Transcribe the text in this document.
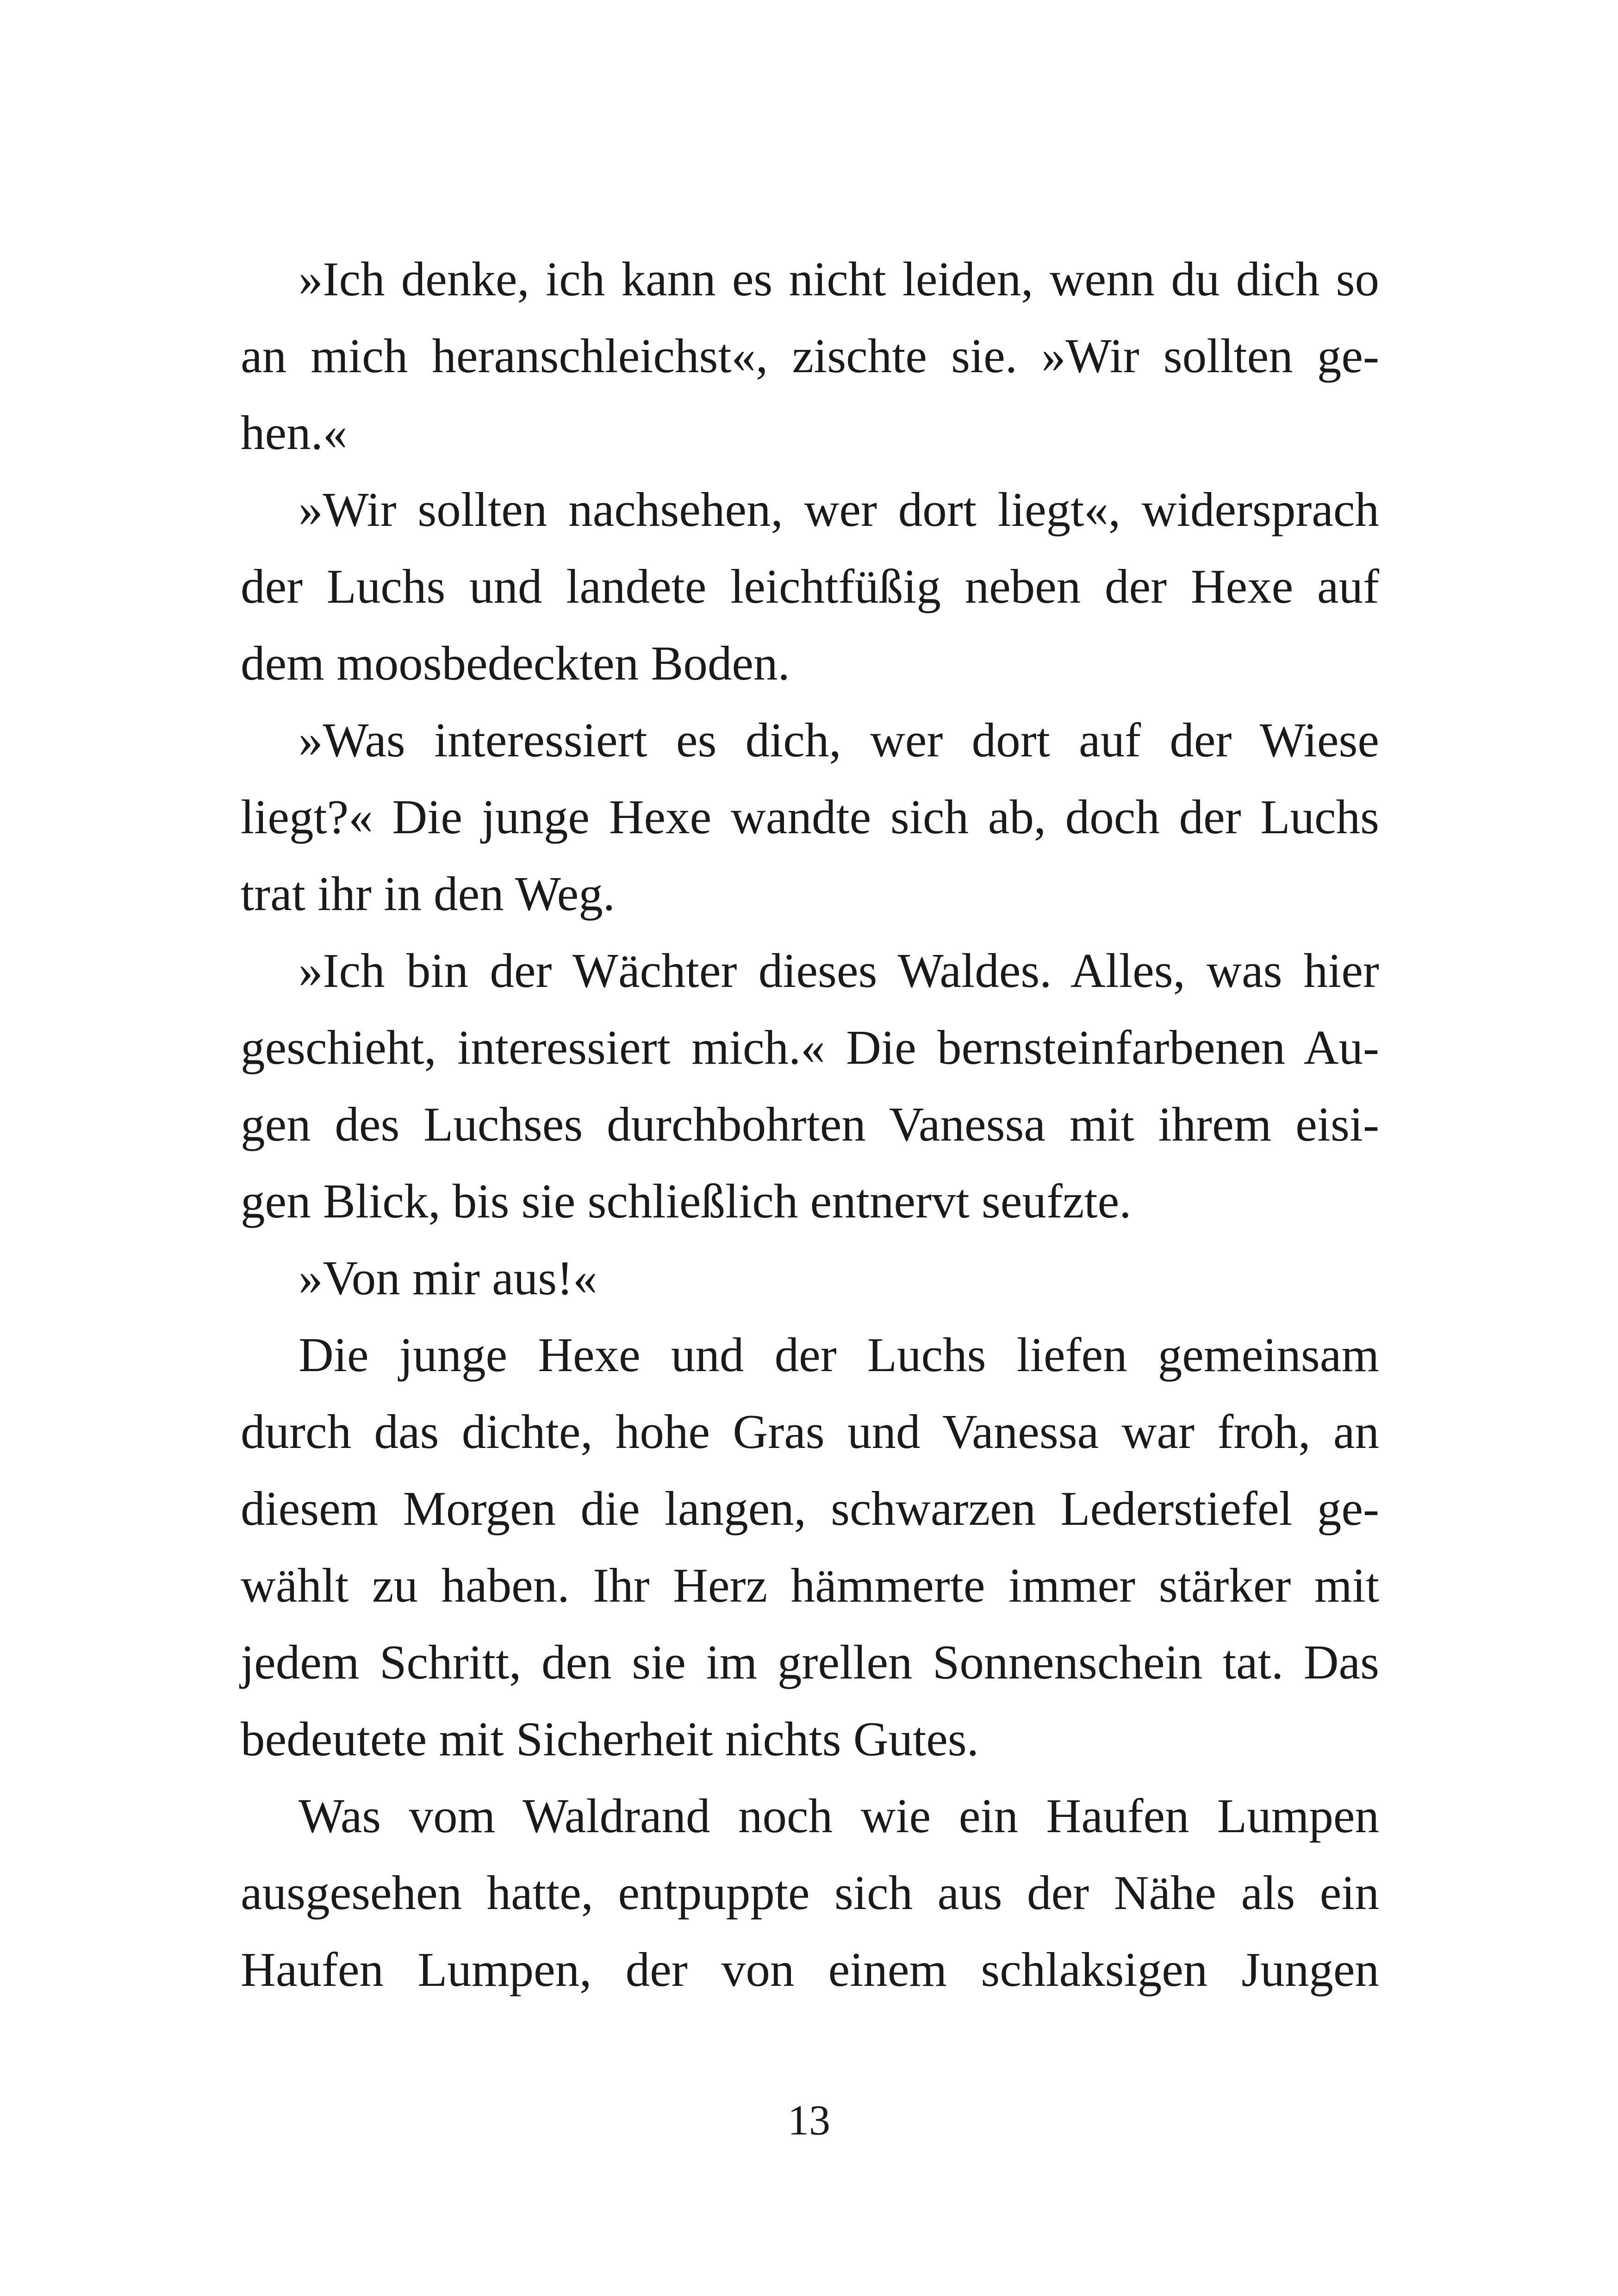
»Ich denke, ich kann es nicht leiden, wenn du dich so
an mich heranschleichst«, zischte sie. »Wir sollten ge-
hen.«
»Wir sollten nachsehen, wer dort liegt«, widersprach
der Luchs und landete leichtfüßig neben der Hexe auf
dem moosbedeckten Boden.
»Was interessiert es dich, wer dort auf der Wiese
liegt?« Die junge Hexe wandte sich ab, doch der Luchs
trat ihr in den Weg.
»Ich bin der Wächter dieses Waldes. Alles, was hier
geschieht, interessiert mich.« Die bernsteinfarbenen Au-
gen des Luchses durchbohrten Vanessa mit ihrem eisi-
gen Blick, bis sie schließlich entnervt seufzte.
»Von mir aus!«
Die junge Hexe und der Luchs liefen gemeinsam
durch das dichte, hohe Gras und Vanessa war froh, an
diesem Morgen die langen, schwarzen Lederstiefel ge-
wählt zu haben. Ihr Herz hämmerte immer stärker mit
jedem Schritt, den sie im grellen Sonnenschein tat. Das
bedeutete mit Sicherheit nichts Gutes.
Was vom Waldrand noch wie ein Haufen Lumpen
ausgesehen hatte, entpuppte sich aus der Nähe als ein
Haufen Lumpen, der von einem schlaksigen Jungen
13
